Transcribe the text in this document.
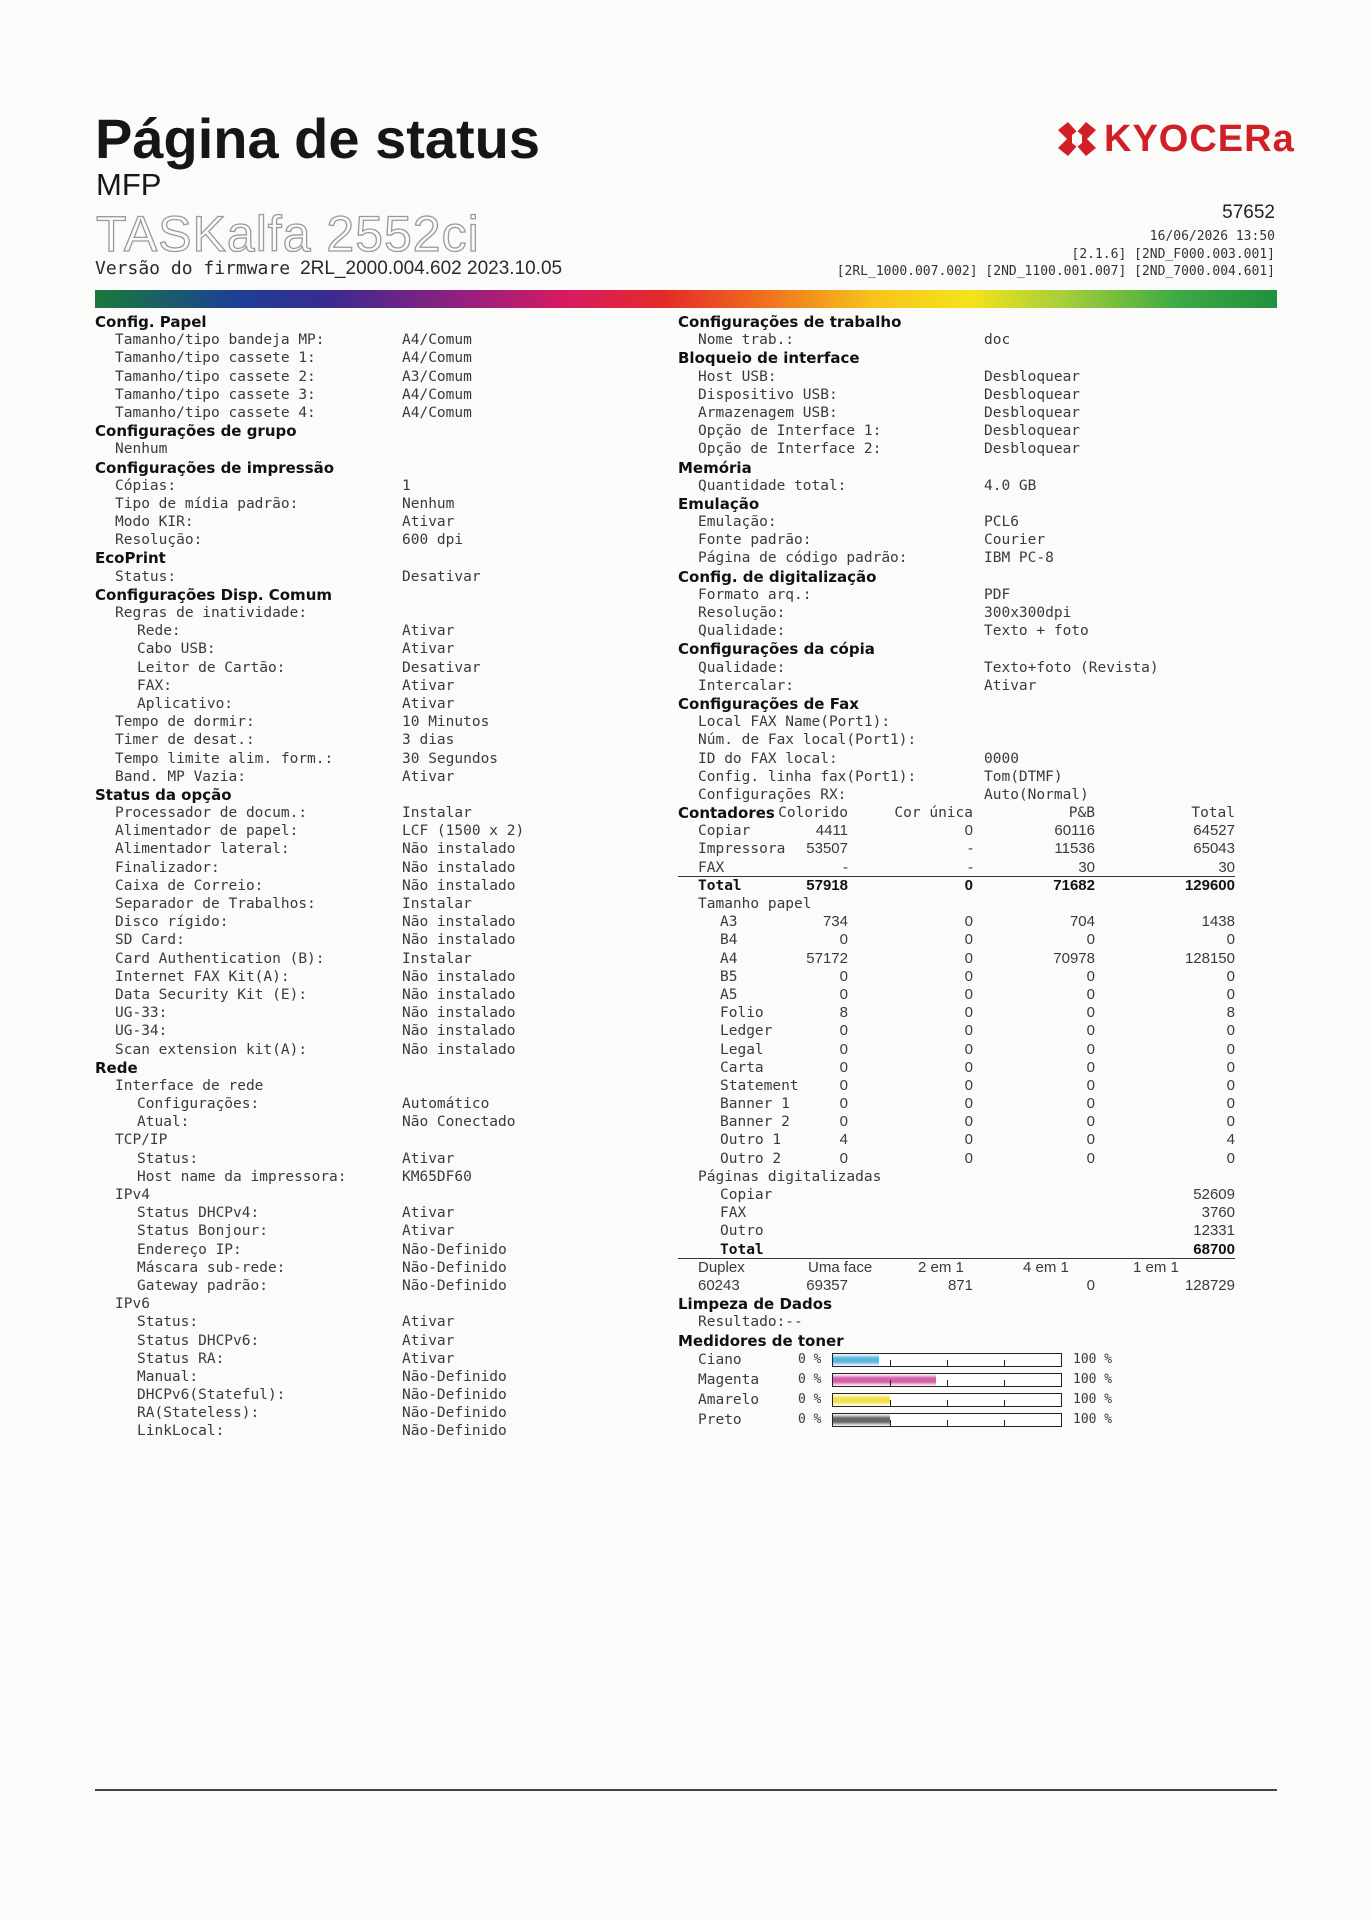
Página de status
MFP
TASKalfa 2552ci
Versão do firmware 2RL_2000.004.602 2023.10.05
KYOCERa
57652
16/06/2026 13:50
[2.1.6] [2ND_F000.003.001]
[2RL_1000.007.002] [2ND_1100.001.007] [2ND_7000.004.601]
Config. Papel
Tamanho/tipo bandeja MP:	A4/Comum
Tamanho/tipo cassete 1:	A4/Comum
Tamanho/tipo cassete 2:	A3/Comum
Tamanho/tipo cassete 3:	A4/Comum
Tamanho/tipo cassete 4:	A4/Comum
Configurações de grupo
Nenhum
Configurações de impressão
Cópias:	1
Tipo de mídia padrão:	Nenhum
Modo KIR:	Ativar
Resolução:	600 dpi
EcoPrint
Status:	Desativar
Configurações Disp. Comum
Regras de inatividade:
Rede:	Ativar
Cabo USB:	Ativar
Leitor de Cartão:	Desativar
FAX:	Ativar
Aplicativo:	Ativar
Tempo de dormir:	10 Minutos
Timer de desat.:	3 dias
Tempo limite alim. form.:	30 Segundos
Band. MP Vazia:	Ativar
Status da opção
Processador de docum.:	Instalar
Alimentador de papel:	LCF (1500 x 2)
Alimentador lateral:	Não instalado
Finalizador:	Não instalado
Caixa de Correio:	Não instalado
Separador de Trabalhos:	Instalar
Disco rígido:	Não instalado
SD Card:	Não instalado
Card Authentication (B):	Instalar
Internet FAX Kit(A):	Não instalado
Data Security Kit (E):	Não instalado
UG-33:	Não instalado
UG-34:	Não instalado
Scan extension kit(A):	Não instalado
Rede
Interface de rede
Configurações:	Automático
Atual:	Não Conectado
TCP/IP
Status:	Ativar
Host name da impressora:	KM65DF60
IPv4
Status DHCPv4:	Ativar
Status Bonjour:	Ativar
Endereço IP:	Não-Definido
Máscara sub-rede:	Não-Definido
Gateway padrão:	Não-Definido
IPv6
Status:	Ativar
Status DHCPv6:	Ativar
Status RA:	Ativar
Manual:	Não-Definido
DHCPv6(Stateful):	Não-Definido
RA(Stateless):	Não-Definido
LinkLocal:	Não-Definido
Configurações de trabalho
Nome trab.:	doc
Bloqueio de interface
Host USB:	Desbloquear
Dispositivo USB:	Desbloquear
Armazenagem USB:	Desbloquear
Opção de Interface 1:	Desbloquear
Opção de Interface 2:	Desbloquear
Memória
Quantidade total:	4.0 GB
Emulação
Emulação:	PCL6
Fonte padrão:	Courier
Página de código padrão:	IBM PC-8
Config. de digitalização
Formato arq.:	PDF
Resolução:	300x300dpi
Qualidade:	Texto + foto
Configurações da cópia
Qualidade:	Texto+foto (Revista)
Intercalar:	Ativar
Configurações de Fax
Local FAX Name(Port1):
Núm. de Fax local(Port1):
ID do FAX local:	0000
Config. linha fax(Port1):	Tom(DTMF)
Configurações RX:	Auto(Normal)
Contadores Colorido	Cor única	P&B	Total
Copiar	4411	0	60116	64527
Impressora 53507	-	11536	65043
FAX	-	-	30	30
Total	57918	0	71682	129600
Tamanho papel
A3	734	0	704	1438
B4	0	0	0	0
A4	57172	0	70978	128150
B5	0	0	0	0
A5	0	0	0	0
Folio	8	0	0	8
Ledger	0	0	0	0
Legal	0	0	0	0
Carta	0	0	0	0
Statement	0	0	0	0
Banner 1	0	0	0	0
Banner 2	0	0	0	0
Outro 1	4	0	0	4
Outro 2	0	0	0	0
Páginas digitalizadas
Copiar	52609
FAX	3760
Outro	12331
Total	68700
Duplex	Uma face	2 em 1	4 em 1	1 em 1
60243	69357	871	0	128729
Limpeza de Dados
Resultado:--
Medidores de toner
Ciano	0 %	100 %
Magenta	0 %	100 %
Amarelo	0 %	100 %
Preto	0 %	100 %
